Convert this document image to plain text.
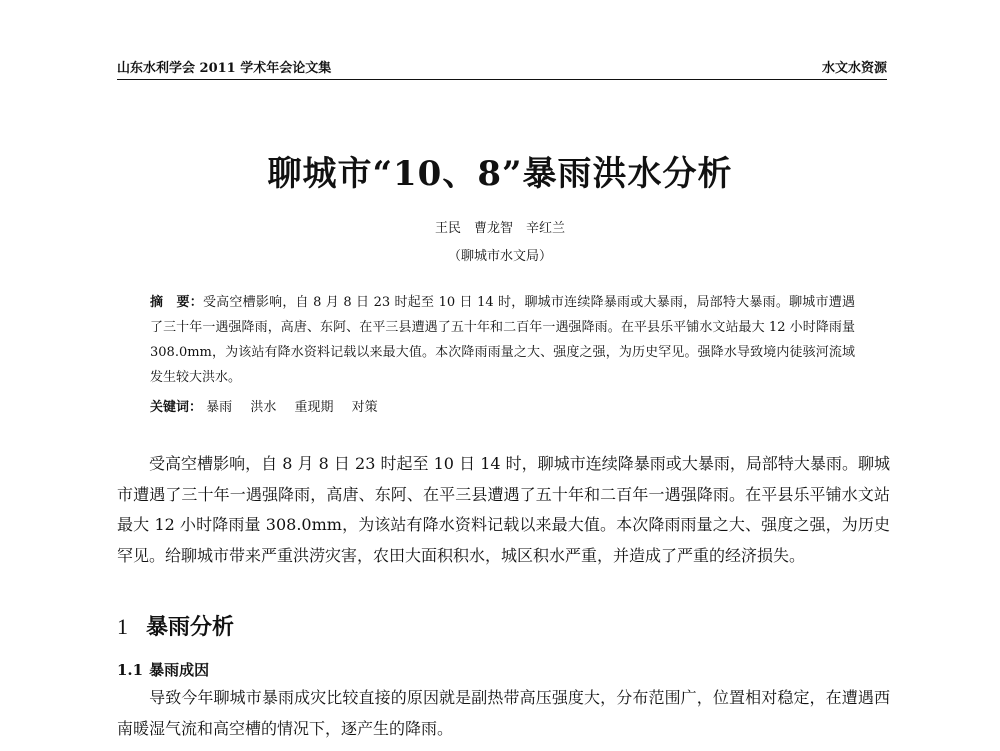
山东水利学会 2011 学术年会论文集	水文水资源
聊城市“10、8”暴雨洪水分析
王民　曹龙智　辛红兰
（聊城市水文局）
摘　要：受高空槽影响，自 8 月 8 日 23 时起至 10 日 14 时，聊城市连续降暴雨或大暴雨，局部特大暴雨。聊城市遭遇了三十年一遇强降雨，高唐、东阿、在平三县遭遇了五十年和二百年一遇强降雨。在平县乐平铺水文站最大 12 小时降雨量 308.0mm，为该站有降水资料记载以来最大值。本次降雨雨量之大、强度之强，为历史罕见。强降水导致境内徒骇河流域发生较大洪水。
关键词： 暴雨 洪水 重现期 对策
受高空槽影响，自 8 月 8 日 23 时起至 10 日 14 时，聊城市连续降暴雨或大暴雨，局部特大暴雨。聊城市遭遇了三十年一遇强降雨，高唐、东阿、在平三县遭遇了五十年和二百年一遇强降雨。在平县乐平铺水文站最大 12 小时降雨量 308.0mm，为该站有降水资料记载以来最大值。本次降雨雨量之大、强度之强，为历史罕见。给聊城市带来严重洪涝灾害，农田大面积积水，城区积水严重，并造成了严重的经济损失。
1 暴雨分析
1.1 暴雨成因
导致今年聊城市暴雨成灾比较直接的原因就是副热带高压强度大，分布范围广，位置相对稳定，在遭遇西南暖湿气流和高空槽的情况下，逐产生的降雨。
